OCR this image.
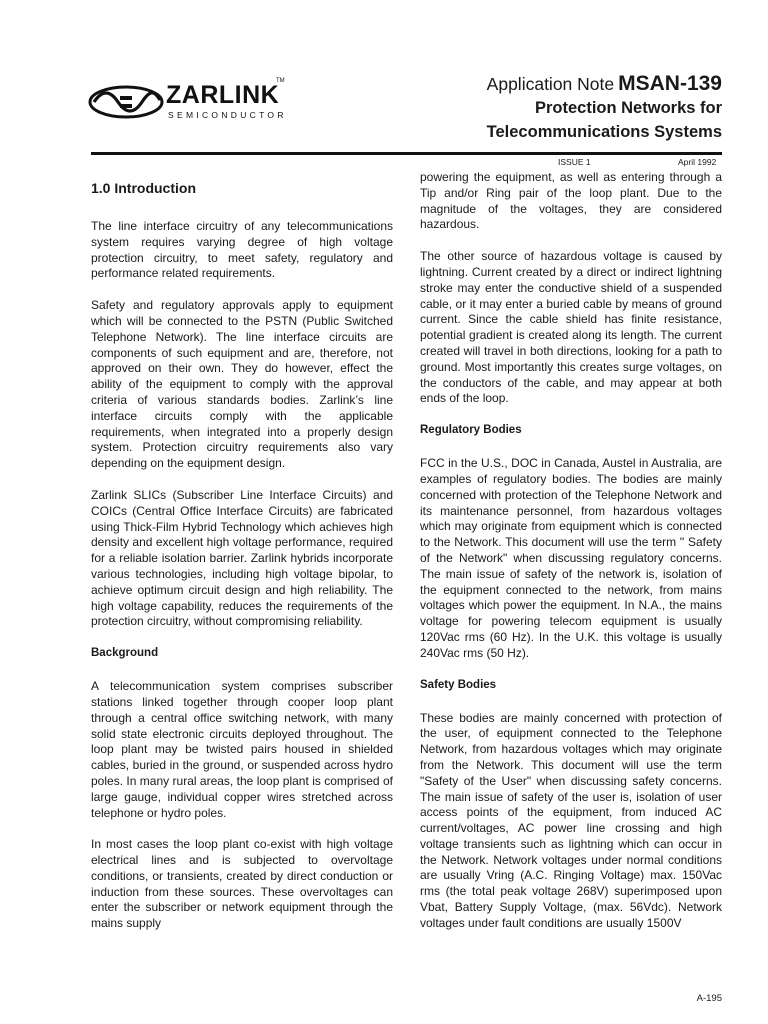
ZARLINK
TM
SEMICONDUCTOR
Application Note MSAN-139
Protection Networks for
Telecommunications Systems
ISSUE 1	April 1992
1.0 Introduction

The line interface circuitry of any telecommunications system requires varying degree of high voltage protection circuitry, to meet safety, regulatory and performance related requirements.

Safety and regulatory approvals apply to equipment which will be connected to the PSTN (Public Switched Telephone Network). The line interface circuits are components of such equipment and are, therefore, not approved on their own. They do however, effect the ability of the equipment to comply with the approval criteria of various standards bodies. Zarlink’s line interface circuits comply with the applicable requirements, when integrated into a properly design system. Protection circuitry requirements also vary depending on the equipment design.

Zarlink SLICs (Subscriber Line Interface Circuits) and COICs (Central Office Interface Circuits) are fabricated using Thick-Film Hybrid Technology which achieves high density and excellent high voltage performance, required for a reliable isolation barrier. Zarlink hybrids incorporate various technologies, including high voltage bipolar, to achieve optimum circuit design and high reliability. The high voltage capability, reduces the requirements of the protection circuitry, without compromising reliability.

Background

A telecommunication system comprises subscriber stations linked together through cooper loop plant through a central office switching network, with many solid state electronic circuits deployed throughout. The loop plant may be twisted pairs housed in shielded cables, buried in the ground, or suspended across hydro poles. In many rural areas, the loop plant is comprised of large gauge, individual copper wires stretched across telephone or hydro poles.

In most cases the loop plant co-exist with high voltage electrical lines and is subjected to overvoltage conditions, or transients, created by direct conduction or induction from these sources. These overvoltages can enter the subscriber or network equipment through the mains supply

powering the equipment, as well as entering through a Tip and/or Ring pair of the loop plant. Due to the magnitude of the voltages, they are considered hazardous.

The other source of hazardous voltage is caused by lightning. Current created by a direct or indirect lightning stroke may enter the conductive shield of a suspended cable, or it may enter a buried cable by means of ground current. Since the cable shield has finite resistance, potential gradient is created along its length. The current created will travel in both directions, looking for a path to ground. Most importantly this creates surge voltages, on the conductors of the cable, and may appear at both ends of the loop.

Regulatory Bodies

FCC in the U.S., DOC in Canada, Austel in Australia, are examples of regulatory bodies. The bodies are mainly concerned with protection of the Telephone Network and its maintenance personnel, from hazardous voltages which may originate from equipment which is connected to the Network. This document will use the term " Safety of the Network" when discussing regulatory concerns. The main issue of safety of the network is, isolation of the equipment connected to the network, from mains voltages which power the equipment. In N.A., the mains voltage for powering telecom equipment is usually 120Vac rms (60 Hz). In the U.K. this voltage is usually 240Vac rms (50 Hz).

Safety Bodies

These bodies are mainly concerned with protection of the user, of equipment connected to the Telephone Network, from hazardous voltages which may originate from the Network. This document will use the term "Safety of the User" when discussing safety concerns. The main issue of safety of the user is, isolation of user access points of the equipment, from induced AC current/voltages, AC power line crossing and high voltage transients such as lightning which can occur in the Network. Network voltages under normal conditions are usually Vring (A.C. Ringing Voltage) max. 150Vac rms (the total peak voltage 268V) superimposed upon Vbat, Battery Supply Voltage, (max. 56Vdc). Network voltages under fault conditions are usually 1500V

A-195
